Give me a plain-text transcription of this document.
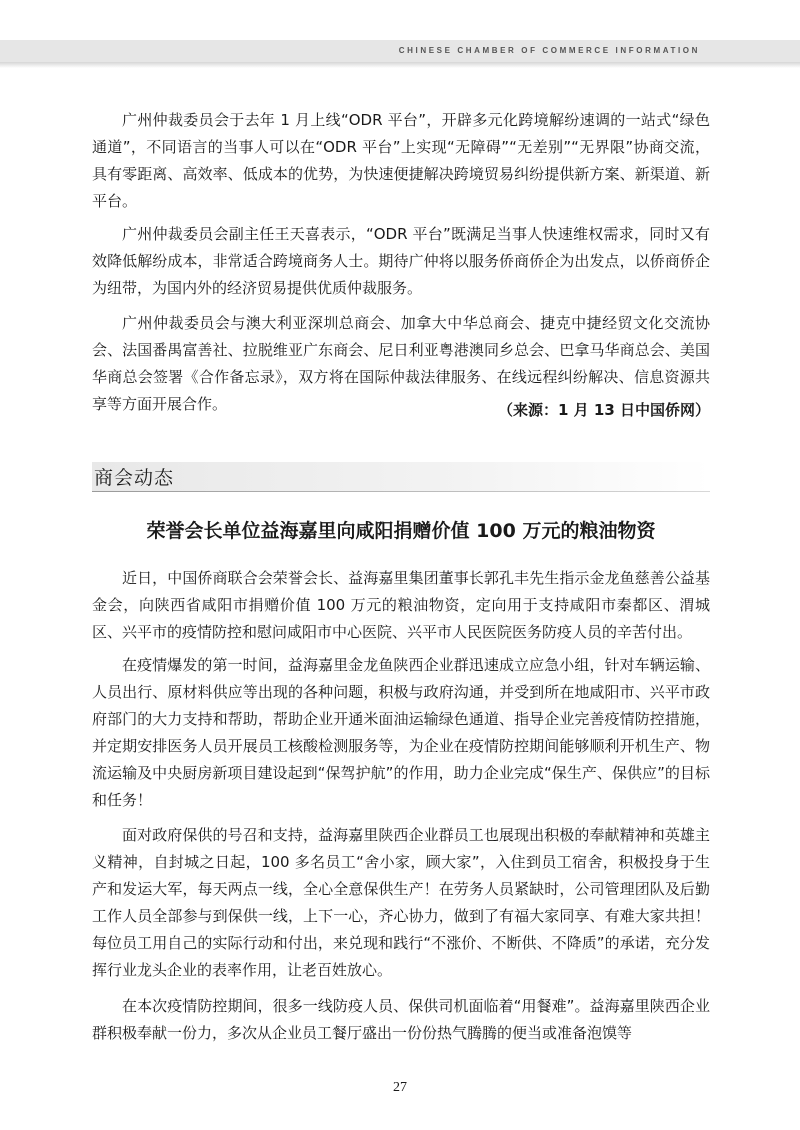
CHINESE CHAMBER OF COMMERCE INFORMATION

广州仲裁委员会于去年 1 月上线“ODR 平台”，开辟多元化跨境解纷速调的一站式“绿色通道”，不同语言的当事人可以在“ODR 平台”上实现“无障碍”“无差别”“无界限”协商交流，具有零距离、高效率、低成本的优势，为快速便捷解决跨境贸易纠纷提供新方案、新渠道、新平台。

广州仲裁委员会副主任王天喜表示，“ODR 平台”既满足当事人快速维权需求，同时又有效降低解纷成本，非常适合跨境商务人士。期待广仲将以服务侨商侨企为出发点，以侨商侨企为纽带，为国内外的经济贸易提供优质仲裁服务。

广州仲裁委员会与澳大利亚深圳总商会、加拿大中华总商会、捷克中捷经贸文化交流协会、法国番禺富善社、拉脱维亚广东商会、尼日利亚粤港澳同乡总会、巴拿马华商总会、美国华商总会签署《合作备忘录》，双方将在国际仲裁法律服务、在线远程纠纷解决、信息资源共享等方面开展合作。	（来源：1 月 13 日中国侨网）
商会动态
荣誉会长单位益海嘉里向咸阳捐赠价值 100 万元的粮油物资

近日，中国侨商联合会荣誉会长、益海嘉里集团董事长郭孔丰先生指示金龙鱼慈善公益基金会，向陕西省咸阳市捐赠价值 100 万元的粮油物资，定向用于支持咸阳市秦都区、渭城区、兴平市的疫情防控和慰问咸阳市中心医院、兴平市人民医院医务防疫人员的辛苦付出。

在疫情爆发的第一时间，益海嘉里金龙鱼陕西企业群迅速成立应急小组，针对车辆运输、人员出行、原材料供应等出现的各种问题，积极与政府沟通，并受到所在地咸阳市、兴平市政府部门的大力支持和帮助，帮助企业开通米面油运输绿色通道、指导企业完善疫情防控措施，并定期安排医务人员开展员工核酸检测服务等，为企业在疫情防控期间能够顺利开机生产、物流运输及中央厨房新项目建设起到“保驾护航”的作用，助力企业完成“保生产、保供应”的目标和任务！

面对政府保供的号召和支持，益海嘉里陕西企业群员工也展现出积极的奉献精神和英雄主义精神，自封城之日起，100 多名员工“舍小家，顾大家”，入住到员工宿舍，积极投身于生产和发运大军，每天两点一线，全心全意保供生产！在劳务人员紧缺时，公司管理团队及后勤工作人员全部参与到保供一线，上下一心，齐心协力，做到了有福大家同享、有难大家共担！每位员工用自己的实际行动和付出，来兑现和践行“不涨价、不断供、不降质”的承诺，充分发挥行业龙头企业的表率作用，让老百姓放心。

在本次疫情防控期间，很多一线防疫人员、保供司机面临着“用餐难”。益海嘉里陕西企业群积极奉献一份力，多次从企业员工餐厅盛出一份份热气腾腾的便当或准备泡馍等

27
